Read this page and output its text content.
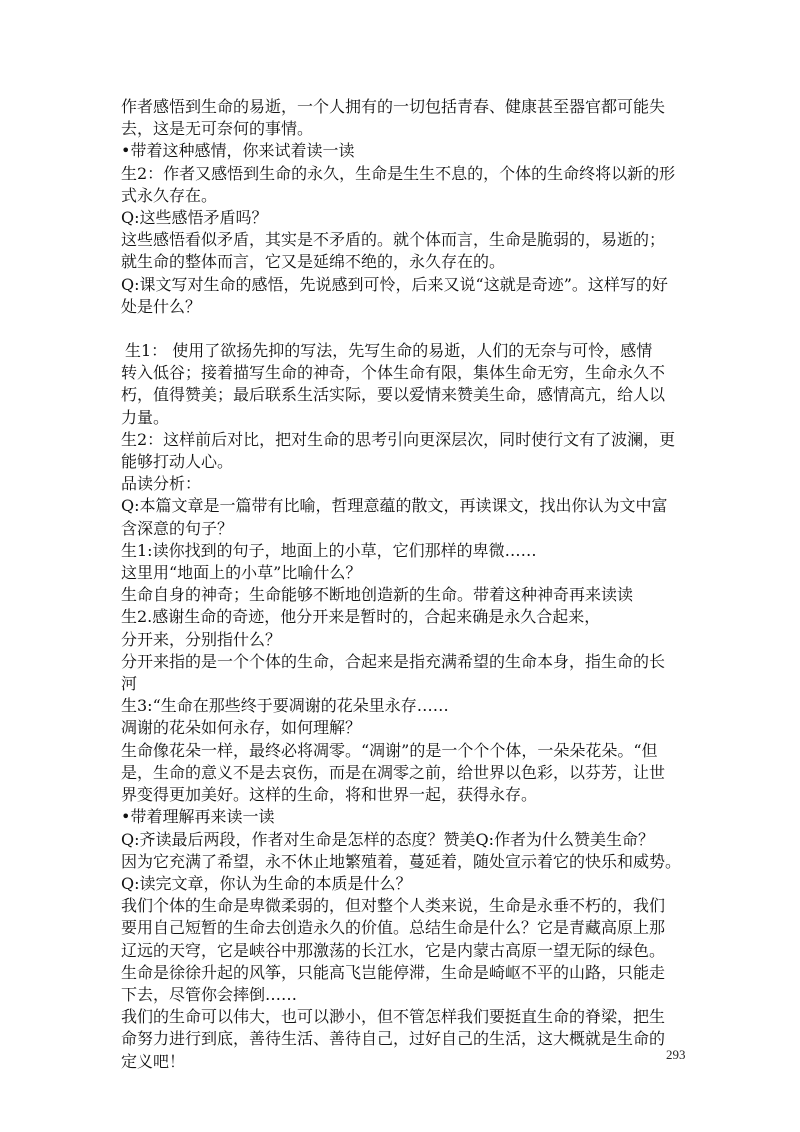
作者感悟到生命的易逝，一个人拥有的一切包括青春、健康甚至器官都可能失
去，这是无可奈何的事情。
•带着这种感情，你来试着读一读
生2：作者又感悟到生命的永久，生命是生生不息的，个体的生命终将以新的形
式永久存在。
Q:这些感悟矛盾吗？
这些感悟看似矛盾，其实是不矛盾的。就个体而言，生命是脆弱的，易逝的；
就生命的整体而言，它又是延绵不绝的，永久存在的。
Q:课文写对生命的感悟，先说感到可怜，后来又说“这就是奇迹”。这样写的好
处是什么？
生1： 使用了欲扬先抑的写法，先写生命的易逝，人们的无奈与可怜，感情
转入低谷；接着描写生命的神奇，个体生命有限，集体生命无穷，生命永久不
朽，值得赞美；最后联系生活实际，要以爱情来赞美生命，感情高亢，给人以
力量。
生2：这样前后对比，把对生命的思考引向更深层次，同时使行文有了波澜，更
能够打动人心。
品读分析：
Q:本篇文章是一篇带有比喻，哲理意蕴的散文，再读课文，找出你认为文中富
含深意的句子？
生1:读你找到的句子，地面上的小草，它们那样的卑微……
这里用“地面上的小草”比喻什么？
生命自身的神奇；生命能够不断地创造新的生命。带着这种神奇再来读读
生2.感谢生命的奇迹，他分开来是暂时的，合起来确是永久合起来，
分开来，分别指什么？
分开来指的是一个个体的生命，合起来是指充满希望的生命本身，指生命的长
河
生3:“生命在那些终于要凋谢的花朵里永存……
凋谢的花朵如何永存，如何理解？
生命像花朵一样，最终必将凋零。“凋谢”的是一个个个体，一朵朵花朵。“但
是，生命的意义不是去哀伤，而是在凋零之前，给世界以色彩，以芬芳，让世
界变得更加美好。这样的生命，将和世界一起，获得永存。
•带着理解再来读一读
Q:齐读最后两段，作者对生命是怎样的态度？赞美Q:作者为什么赞美生命？
因为它充满了希望，永不休止地繁殖着，蔓延着，随处宣示着它的快乐和威势。
Q:读完文章，你认为生命的本质是什么？
我们个体的生命是卑微柔弱的，但对整个人类来说，生命是永垂不朽的，我们
要用自己短暂的生命去创造永久的价值。总结生命是什么？它是青藏高原上那
辽远的天穹，它是峡谷中那激荡的长江水，它是内蒙古高原一望无际的绿色。
生命是徐徐升起的风筝，只能高飞岂能停滞，生命是崎岖不平的山路，只能走
下去，尽管你会摔倒……
我们的生命可以伟大，也可以渺小，但不管怎样我们要挺直生命的脊梁，把生
命努力进行到底，善待生活、善待自己，过好自己的生活，这大概就是生命的
定义吧！	293
